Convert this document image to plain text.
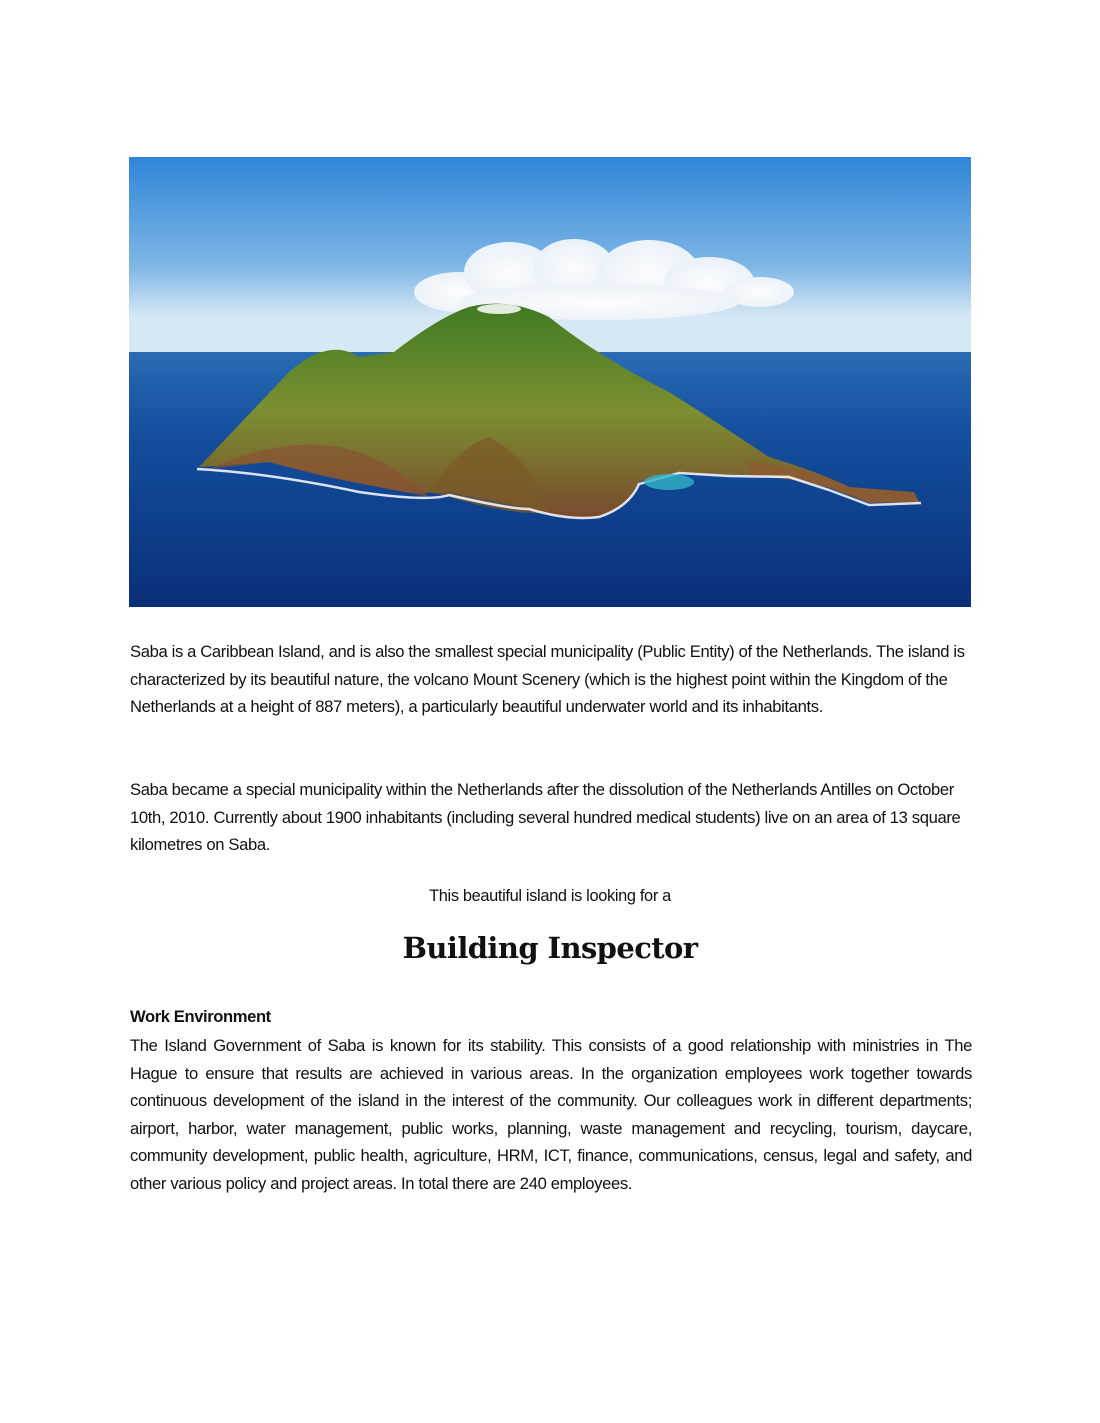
Saba is a Caribbean Island, and is also the smallest special municipality (Public Entity) of the Netherlands. The island is characterized by its beautiful nature, the volcano Mount Scenery (which is the highest point within the Kingdom of the Netherlands at a height of 887 meters), a particularly beautiful underwater world and its inhabitants.

Saba became a special municipality within the Netherlands after the dissolution of the Netherlands Antilles on October 10th, 2010. Currently about 1900 inhabitants (including several hundred medical students) live on an area of 13 square kilometres on Saba.

This beautiful island is looking for a
Building Inspector
Work Environment

The Island Government of Saba is known for its stability. This consists of a good relationship with ministries in The Hague to ensure that results are achieved in various areas. In the organization employees work together towards continuous development of the island in the interest of the community. Our colleagues work in different departments; airport, harbor, water management, public works, planning, waste management and recycling, tourism, daycare, community development, public health, agriculture, HRM, ICT, finance, communications, census, legal and safety, and other various policy and project areas. In total there are 240 employees.
